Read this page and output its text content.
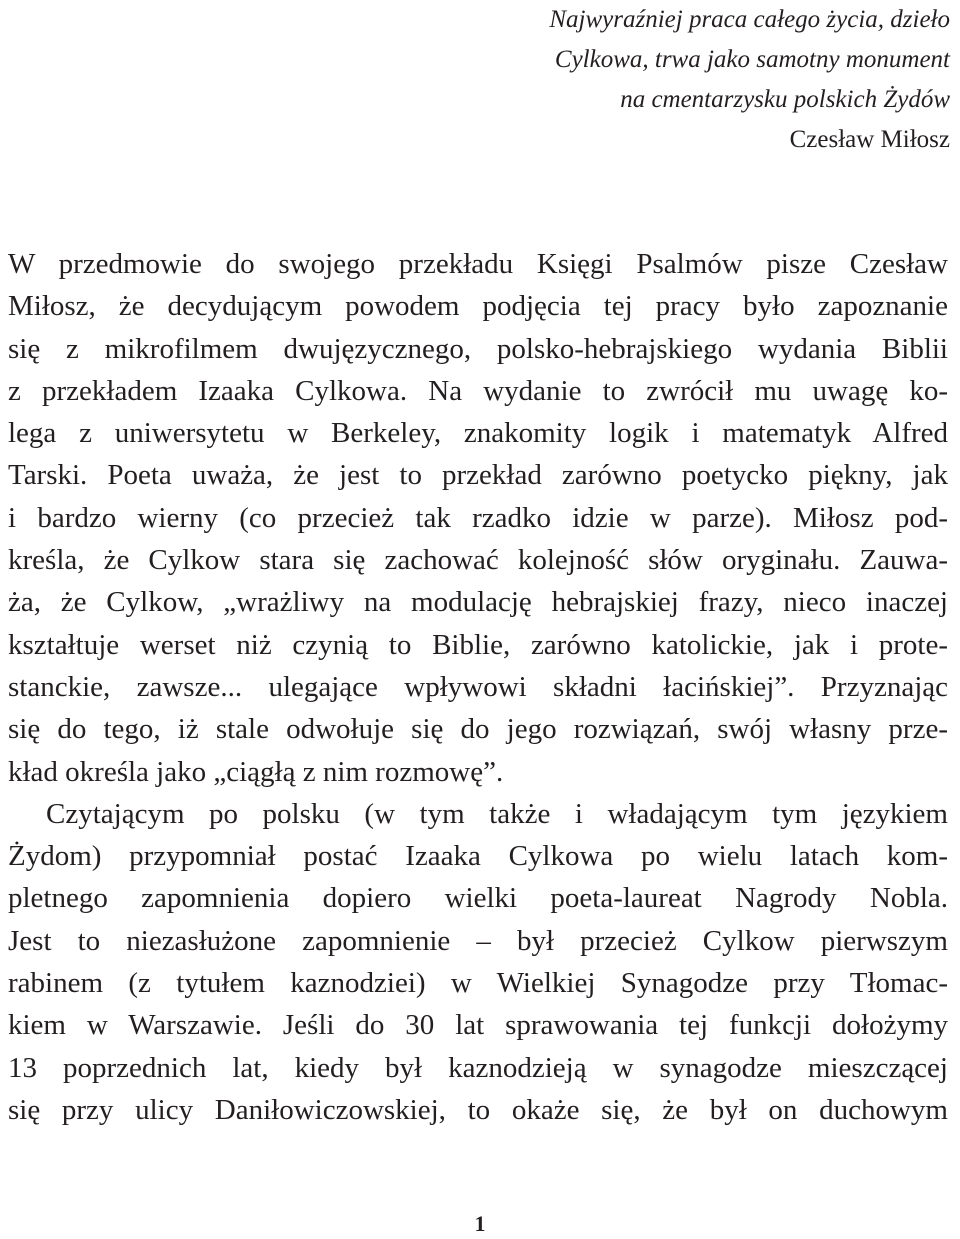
Najwyraźniej praca całego życia, dzieło
Cylkowa, trwa jako samotny monument
na cmentarzysku polskich Żydów
Czesław Miłosz
W przedmowie do swojego przekładu Księgi Psalmów pisze Czesław
Miłosz, że decydującym powodem podjęcia tej pracy było zapoznanie
się z mikrofilmem dwujęzycznego, polsko-hebrajskiego wydania Biblii
z przekładem Izaaka Cylkowa. Na wydanie to zwrócił mu uwagę ko-
lega z uniwersytetu w Berkeley, znakomity logik i matematyk Alfred
Tarski. Poeta uważa, że jest to przekład zarówno poetycko piękny, jak
i bardzo wierny (co przecież tak rzadko idzie w parze). Miłosz pod-
kreśla, że Cylkow stara się zachować kolejność słów oryginału. Zauwa-
ża, że Cylkow, „wrażliwy na modulację hebrajskiej frazy, nieco inaczej
kształtuje werset niż czynią to Biblie, zarówno katolickie, jak i prote-
stanckie, zawsze... ulegające wpływowi składni łacińskiej”. Przyznając
się do tego, iż stale odwołuje się do jego rozwiązań, swój własny prze-
kład określa jako „ciągłą z nim rozmowę”.
Czytającym po polsku (w tym także i władającym tym językiem
Żydom) przypomniał postać Izaaka Cylkowa po wielu latach kom-
pletnego zapomnienia dopiero wielki poeta-laureat Nagrody Nobla.
Jest to niezasłużone zapomnienie – był przecież Cylkow pierwszym
rabinem (z tytułem kaznodziei) w Wielkiej Synagodze przy Tłomac-
kiem w Warszawie. Jeśli do 30 lat sprawowania tej funkcji dołożymy
13 poprzednich lat, kiedy był kaznodzieją w synagodze mieszczącej
się przy ulicy Daniłowiczowskiej, to okaże się, że był on duchowym
1
